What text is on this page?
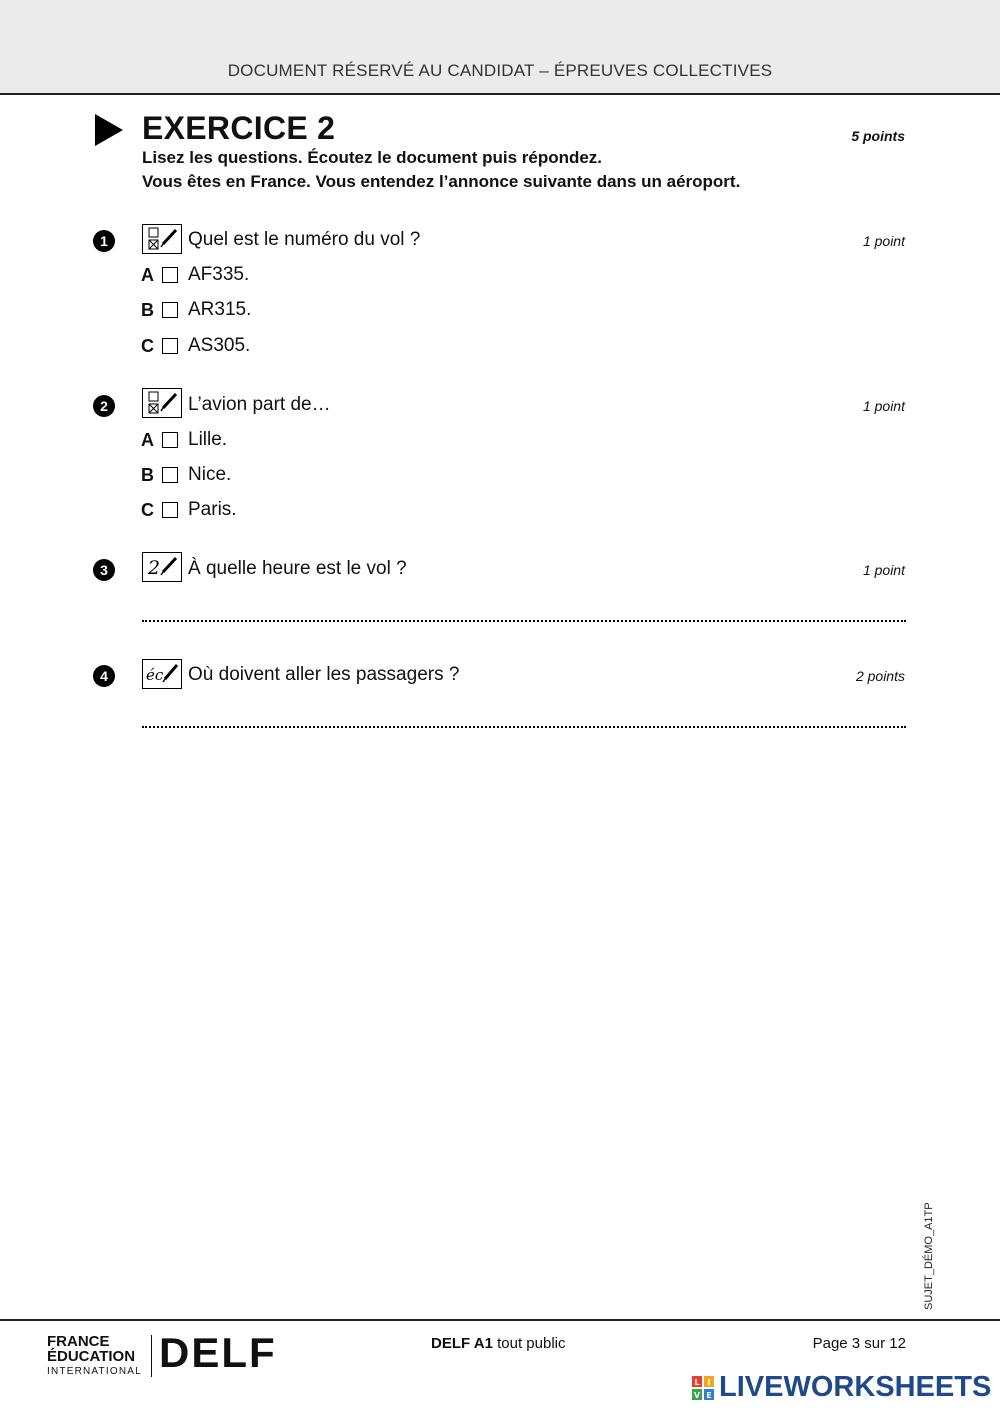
DOCUMENT RÉSERVÉ AU CANDIDAT – ÉPREUVES COLLECTIVES
EXERCICE 2	5 points
Lisez les questions. Écoutez le document puis répondez.
Vous êtes en France. Vous entendez l’annonce suivante dans un aéroport.
1	Quel est le numéro du vol ?	1 point
A AF335.
B AR315.
C AS305.
2	L’avion part de…	1 point
A Lille.
B Nice.
C Paris.
3	2 À quelle heure est le vol ?	1 point
4	éc Où doivent aller les passagers ?	2 points
SUJET_DÉMO_A1TP
FRANCE
ÉDUCATION
INTERNATIONAL DELF	DELF A1 tout public	Page 3 sur 12
L I
V E LIVEWORKSHEETS
